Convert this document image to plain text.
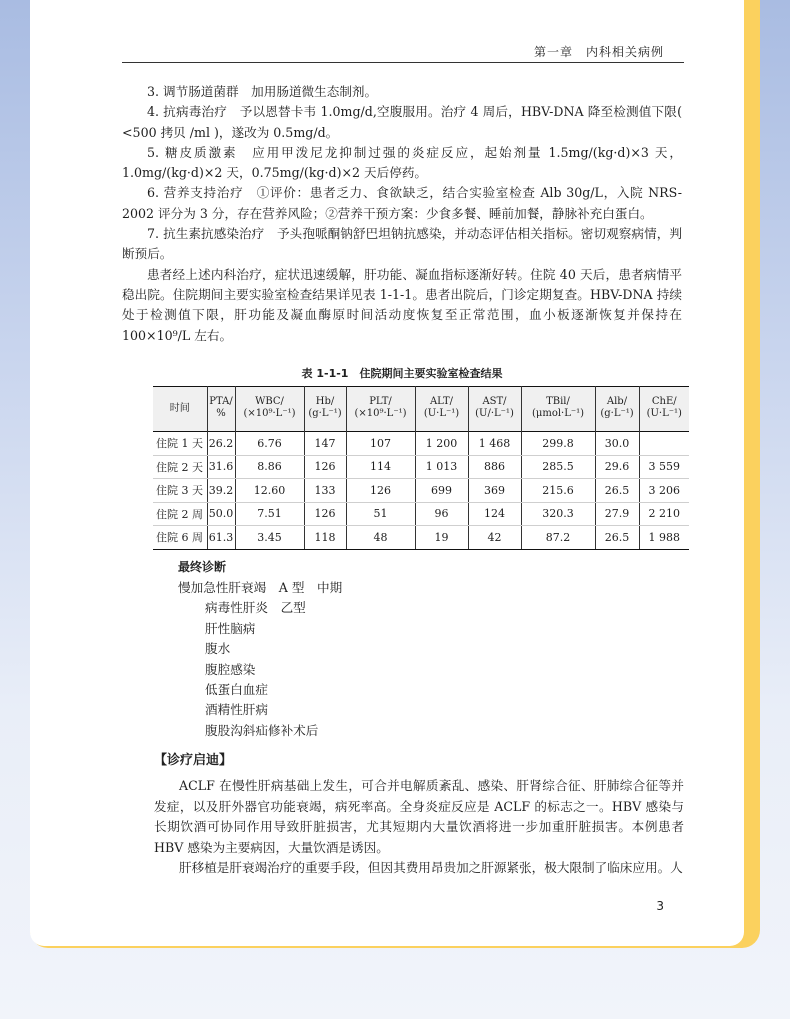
第一章　内科相关病例

3. 调节肠道菌群　加用肠道微生态制剂。

4. 抗病毒治疗　予以恩替卡韦 1.0mg/d,空腹服用。治疗 4 周后，HBV-DNA 降至检测值下限( <500 拷贝 /ml )，遂改为 0.5mg/d。

5. 糖皮质激素　应用甲泼尼龙抑制过强的炎症反应，起始剂量 1.5mg/(kg·d)×3 天，1.0mg/(kg·d)×2 天，0.75mg/(kg·d)×2 天后停药。

6. 营养支持治疗　①评价：患者乏力、食欲缺乏，结合实验室检查 Alb 30g/L，入院 NRS-2002 评分为 3 分，存在营养风险；②营养干预方案：少食多餐、睡前加餐，静脉补充白蛋白。

7. 抗生素抗感染治疗　予头孢哌酮钠舒巴坦钠抗感染，并动态评估相关指标。密切观察病情，判断预后。

患者经上述内科治疗，症状迅速缓解，肝功能、凝血指标逐渐好转。住院 40 天后，患者病情平稳出院。住院期间主要实验室检查结果详见表 1-1-1。患者出院后，门诊定期复查。HBV-DNA 持续处于检测值下限，肝功能及凝血酶原时间活动度恢复至正常范围，血小板逐渐恢复并保持在 100×10⁹/L 左右。

表 1-1-1　住院期间主要实验室检查结果
时间	PTA/	WBC/	Hb/	PLT/	ALT/	AST/	TBil/	Alb/	ChE/
	%	(×10⁹·L⁻¹)	(g·L⁻¹)	(×10⁹·L⁻¹)	(U·L⁻¹)	(U/·L⁻¹)	(μmol·L⁻¹)	(g·L⁻¹)	(U·L⁻¹)
住院 1 天	26.2	6.76	147	107	1 200	1 468	299.8	30.0	
住院 2 天	31.6	8.86	126	114	1 013	886	285.5	29.6	3 559
住院 3 天	39.2	12.60	133	126	699	369	215.6	26.5	3 206
住院 2 周	50.0	7.51	126	51	96	124	320.3	27.9	2 210
住院 6 周	61.3	3.45	118	48	19	42	87.2	26.5	1 988
最终诊断
慢加急性肝衰竭　A 型　中期
病毒性肝炎　乙型
肝性脑病
腹水
腹腔感染
低蛋白血症
酒精性肝病
腹股沟斜疝修补术后
【诊疗启迪】

ACLF 在慢性肝病基础上发生，可合并电解质紊乱、感染、肝肾综合征、肝肺综合征等并发症，以及肝外器官功能衰竭，病死率高。全身炎症反应是 ACLF 的标志之一。HBV 感染与长期饮酒可协同作用导致肝脏损害，尤其短期内大量饮酒将进一步加重肝脏损害。本例患者 HBV 感染为主要病因，大量饮酒是诱因。

肝移植是肝衰竭治疗的重要手段，但因其费用昂贵加之肝源紧张，极大限制了临床应用。人

3
